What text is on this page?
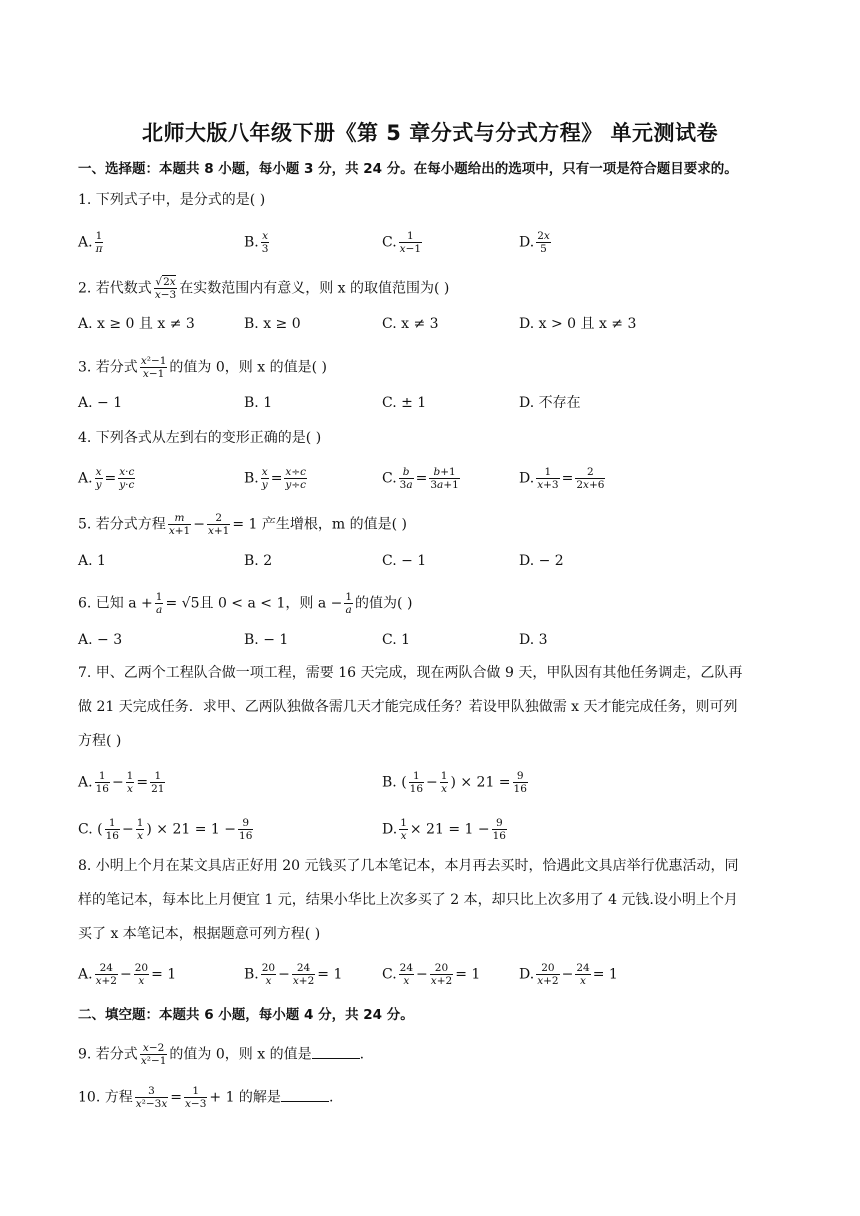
北师大版八年级下册《第 5 章分式与分式方程》 单元测试卷
一、选择题：本题共 8 小题，每小题 3 分，共 24 分。在每小题给出的选项中，只有一项是符合题目要求的。
1. 下列式子中，是分式的是( )
A. $\frac{1}{\pi}$	B. $\frac{x}{3}$	C. $\frac{1}{x-1}$	D. $\frac{2x}{5}$
2. 若代数式 $\frac{√2x}{x-3}$ 在实数范围内有意义，则 x 的取值范围为( )
A. x ≥ 0 且 x ≠ 3	B. x ≥ 0	C. x ≠ 3	D. x > 0 且 x ≠ 3
3. 若分式 $\frac{\text{x²−1}}{x-1}$ 的值为 0，则 x 的值是( )
A. − 1	B. 1	C. ± 1	D. 不存在
4. 下列各式从左到右的变形正确的是( )
A. $\frac{x}{y} = \frac{x\cdot c}{y\cdot c}$	B. $\frac{x}{y} = \frac{x\div c}{y\div c}$	C. $\frac{b}{3a} = \frac{b+1}{3a+1}$	D. $\frac{1}{x+3} = \frac{2}{2x+6}$
5. 若分式方程 $\frac{m}{x+1} - \frac{2}{x+1} = 1$ 产生增根，m 的值是( )
A. 1	B. 2	C. − 1	D. − 2
6. 已知 $a + \frac{1}{a} = √5$且 0 < a < 1，则 $a - \frac{1}{a}$ 的值为( )
A. − 3	B. − 1	C. 1	D. 3
7. 甲、乙两个工程队合做一项工程，需要 16 天完成，现在两队合做 9 天，甲队因有其他任务调走，乙队再
做 21 天完成任务．求甲、乙两队独做各需几天才能完成任务？若设甲队独做需 x 天才能完成任务，则可列
方程( )
A. $\frac{1}{16} - \frac{1}{x} = \frac{1}{21}$	B. ( $\frac{1}{16} - \frac{1}{x}$ ) × $21 = \frac{9}{16}$
C. ( $\frac{1}{16} - \frac{1}{x}$ ) × $21 = 1 - \frac{9}{16}$	D. $\frac{1}{x} \times 21 = 1 - \frac{9}{16}$
8. 小明上个月在某文具店正好用 20 元钱买了几本笔记本，本月再去买时，恰遇此文具店举行优惠活动，同
样的笔记本，每本比上月便宜 1 元，结果小华比上次多买了 2 本，却只比上次多用了 4 元钱.设小明上个月
买了 x 本笔记本，根据题意可列方程( )
A. $\frac{24}{x+2} - \frac{20}{x} = 1$	B. $\frac{20}{x} - \frac{24}{x+2} = 1$	C. $\frac{24}{x} - \frac{20}{x+2} = 1$	D. $\frac{20}{x+2} - \frac{24}{x} = 1$
二、填空题：本题共 6 小题，每小题 4 分，共 24 分。
9. 若分式 $\frac{x-2}{\text{x²−1}}$ 的值为 0，则 x 的值是	.
10. 方程 $\frac{3}{\text{x²−3x}} = \frac{1}{x-3} + 1$ 的解是	.
